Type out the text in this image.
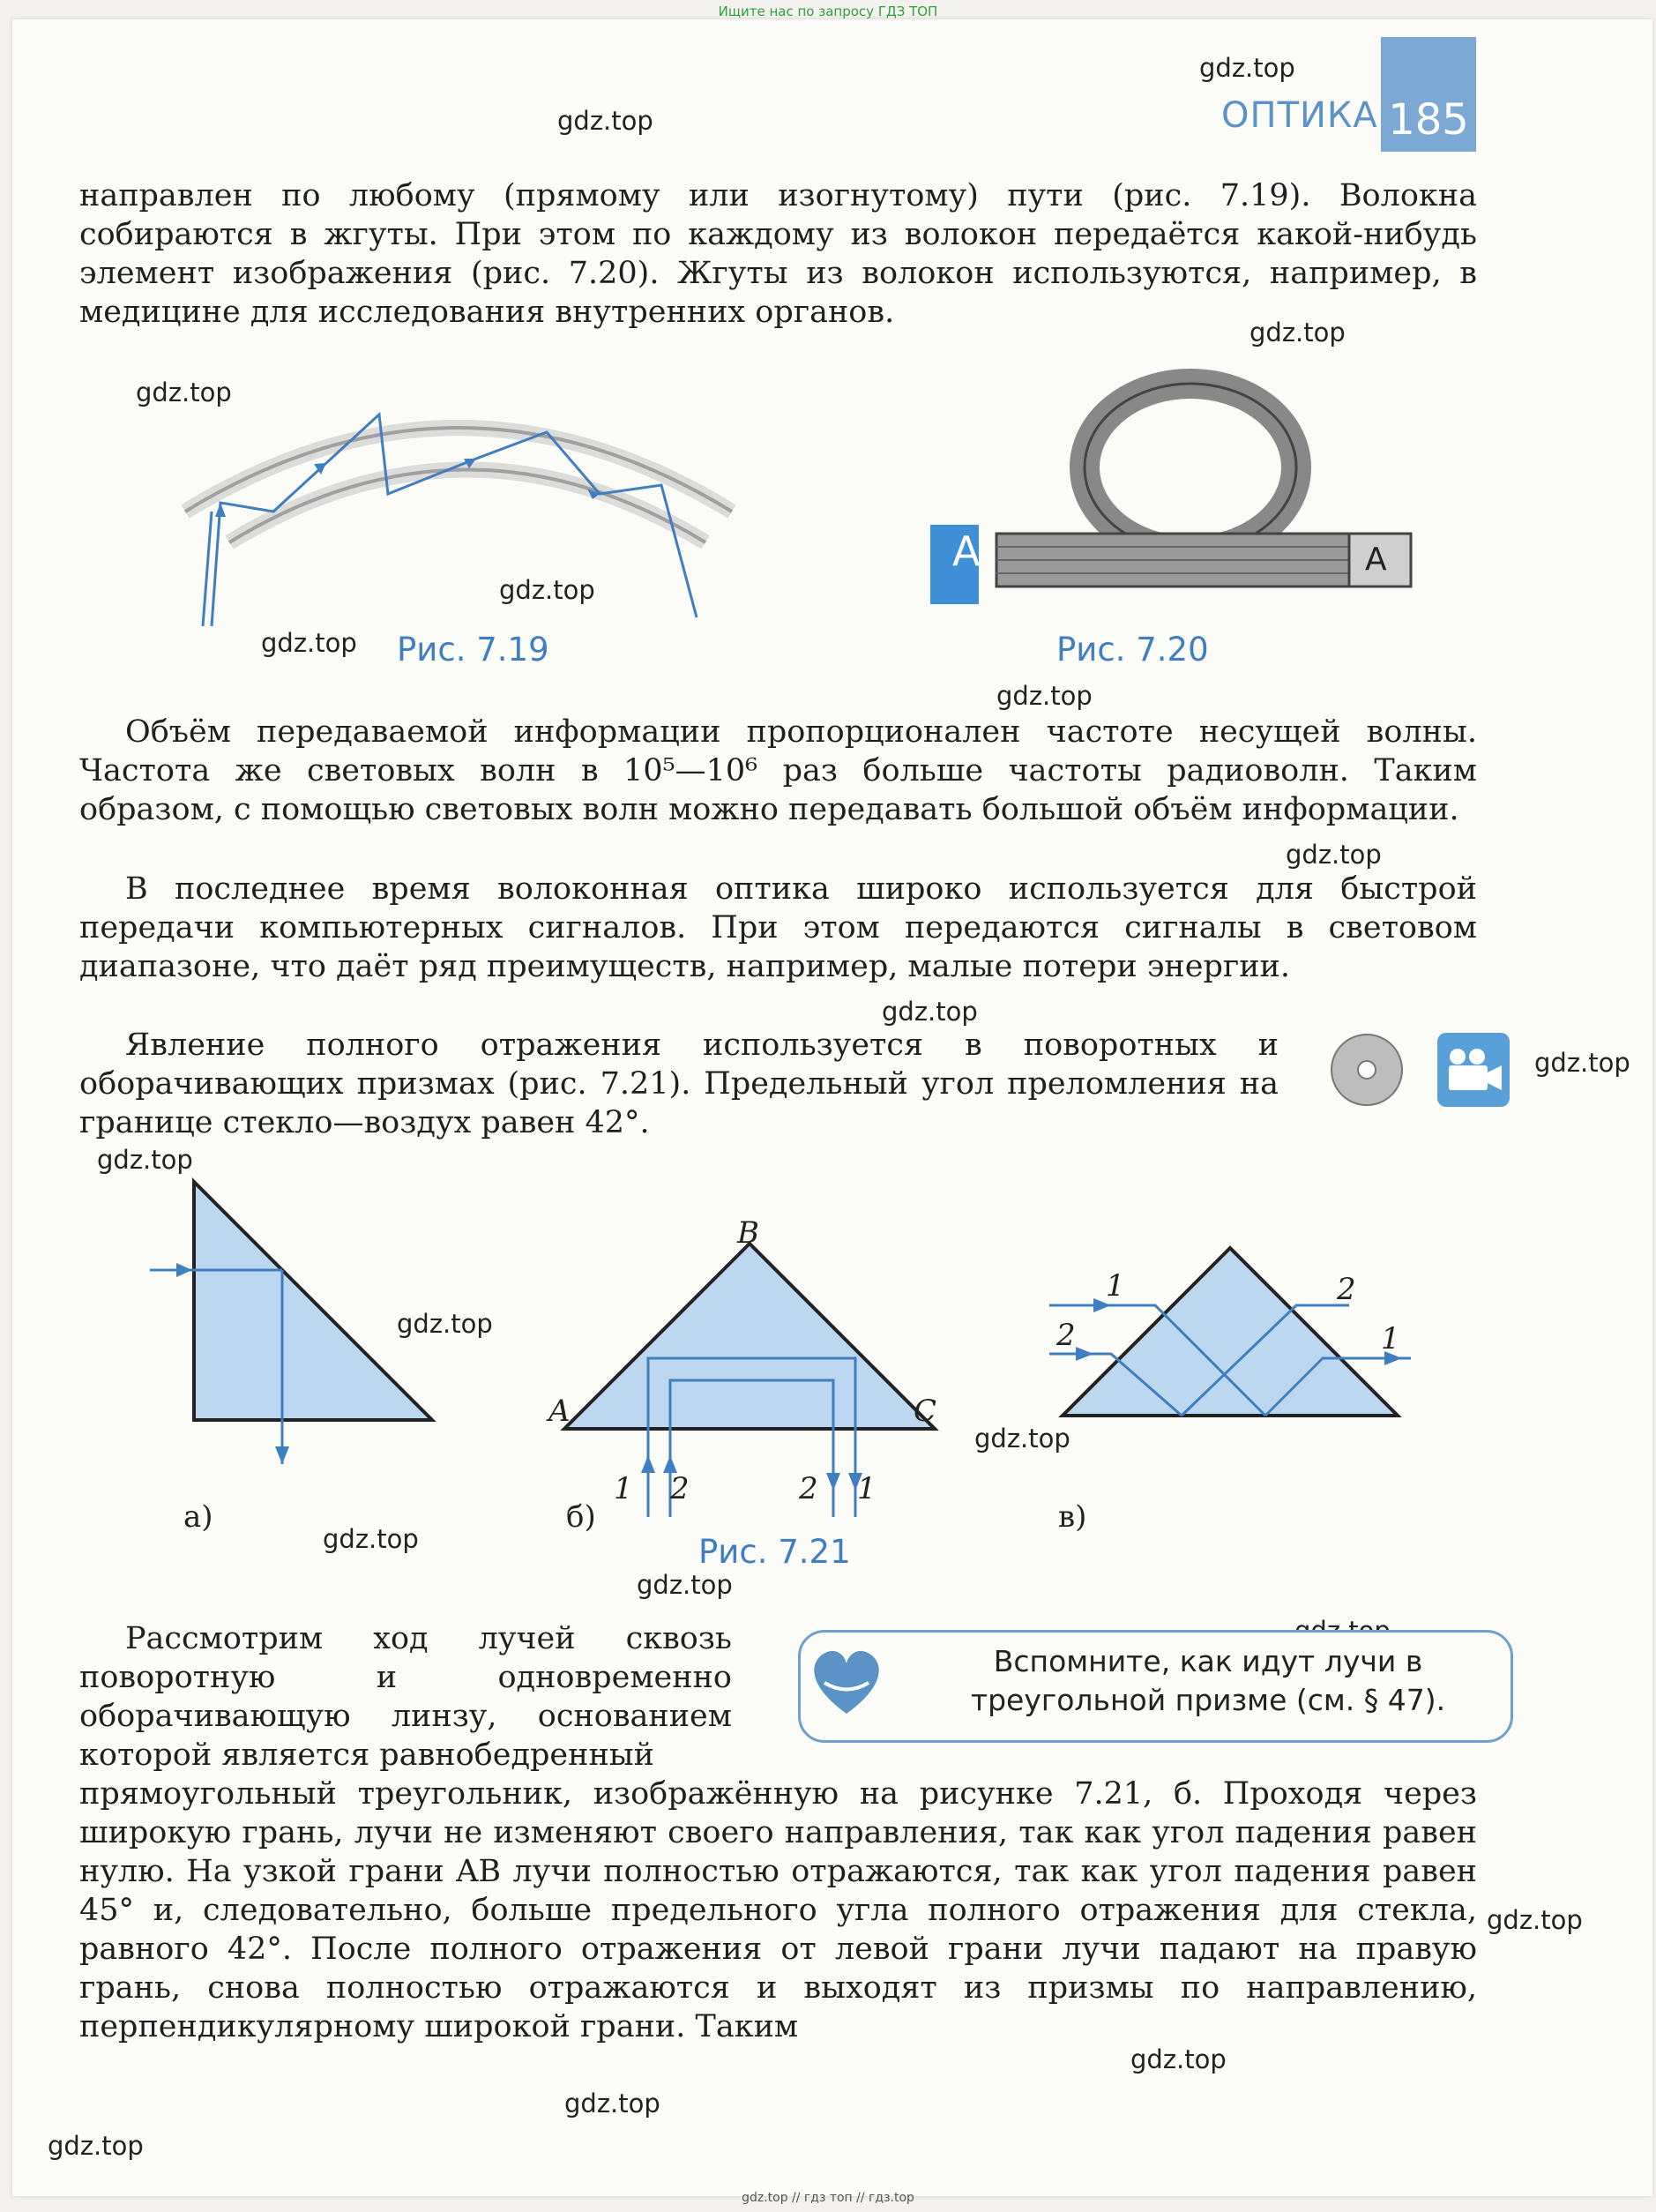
Ищите нас по запросу ГДЗ ТОП
ОПТИКА 185
gdz.top
gdz.top
gdz.top
gdz.top
gdz.top
gdz.top
gdz.top
gdz.top
gdz.top
gdz.top
gdz.top
gdz.top
gdz.top
gdz.top
gdz.top
gdz.top
gdz.top
gdz.top
gdz.top

направлен по любому (прямому или изогнутому) пути (рис. 7.19). Волокна собираются в жгуты. При этом по каждому из волокон передаётся какой-нибудь элемент изображения (рис. 7.20). Жгуты из волокон используются, например, в медицине для исследования внутренних органов.

Рис. 7.19
A	A
Рис. 7.20

Объём передаваемой информации пропорционален частоте несущей волны. Частота же световых волн в 10⁵—10⁶ раз больше частоты радиоволн. Таким образом, с помощью световых волн можно передавать большой объём информации.

В последнее время волоконная оптика широко используется для быстрой передачи компьютерных сигналов. При этом передаются сигналы в световом диапазоне, что даёт ряд преимуществ, например, малые потери энергии.

Явление полного отражения используется в поворотных и оборачивающих призмах (рис. 7.21). Предельный угол преломления на границе стекло—воздух равен 42°.

а)
B
A	C
1 2	2 1
б)
Рис. 7.21
1	2
2	1
в)

Рассмотрим ход лучей сквозь поворотную и одновременно оборачивающую линзу, основанием которой является равнобедренный

Вспомните, как идут лучи в треугольной призме (см. § 47).

прямоугольный треугольник, изображённую на рисунке 7.21, б. Проходя через широкую грань, лучи не изменяют своего направления, так как угол падения равен нулю. На узкой грани AB лучи полностью отражаются, так как угол падения равен 45° и, следовательно, больше предельного угла полного отражения для стекла, равного 42°. После полного отражения от левой грани лучи падают на правую грань, снова полностью отражаются и выходят из призмы по направлению, перпендикулярному широкой грани. Таким

gdz.top // гдз топ // гдз.top
